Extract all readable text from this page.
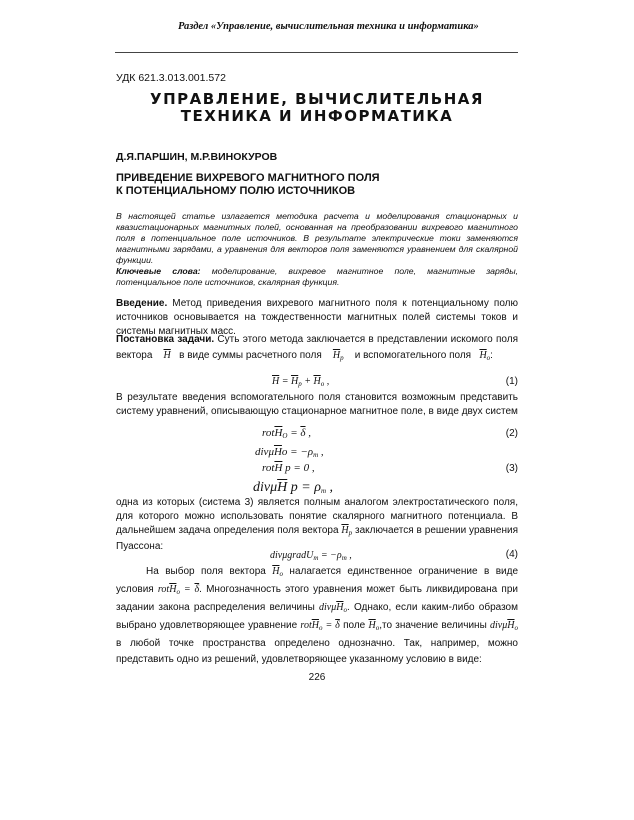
Раздел «Управление, вычислительная техника и информатика»
УДК 621.3.013.001.572
УПРАВЛЕНИЕ, ВЫЧИСЛИТЕЛЬНАЯ
ТЕХНИКА И ИНФОРМАТИКА
Д.Я.ПАРШИН, М.Р.ВИНОКУРОВ
ПРИВЕДЕНИЕ ВИХРЕВОГО МАГНИТНОГО ПОЛЯ
К ПОТЕНЦИАЛЬНОМУ ПОЛЮ ИСТОЧНИКОВ
В настоящей статье излагается методика расчета и моделирования стационарных и квазистационарных магнитных полей, основанная на преобразовании вихревого магнитного поля в потенциальное поле источников. В результате электрические токи заменяются магнитными зарядами, а уравнения для векторов поля заменяются уравнением для скалярной функции.
Ключевые слова: моделирование, вихревое магнитное поле, магнитные заряды, потенциальное поле источников, скалярная функция.
Введение. Метод приведения вихревого магнитного поля к потенциальному полю источников основывается на тождественности магнитных полей системы токов и системы магнитных масс.
Постановка задачи. Суть этого метода заключается в представлении искомого поля вектора    $\overline{H}$   в виде суммы расчетного поля    $\overline{H}_p$    и вспомогательного поля   $\overline{H}_o$:
$\overline{H} = \overline{H}_p + \overline{H}_o$ ,	(1)
В результате введения вспомогательного поля становится возможным представить систему уравнений, описывающую стационарное магнитное поле, в виде двух систем
$rot\overline{H}_O = \overline{\delta}$ ,	(2)
$div\mu\overline{H}o = -\rho_m$ ,
$rot\overline{H}$ p = 0 ,	(3)
$div\mu\overline{H}$ $p = \rho_m$ ,
одна из которых (система 3) является полным аналогом электростатического поля, для которого можно использовать понятие скалярного магнитного потенциала. В дальнейшем задача определения поля вектора $\overline{H}_p$ заключается в решении уравнения Пуассона:
divμgradU$_m$ = $-\rho_m$ ,	(4)
На выбор поля вектора $\overline{H}_o$ налагается единственное ограничение в виде условия $rot\overline{H}_o = \overline{\delta}$. Многозначность этого уравнения может быть ликвидирована при задании закона распределения величины $div\mu\overline{H}_o$. Однако, если каким-либо образом выбрано удовлетворяющее уравнение $rot\overline{H}_o = \overline{\delta}$ поле $\overline{H}_o,то$ значение величины $div\mu\overline{H}_o$ в любой точке пространства определено однозначно. Так, например, можно представить одно из решений, удовлетворяющее указанному условию в виде:
226
